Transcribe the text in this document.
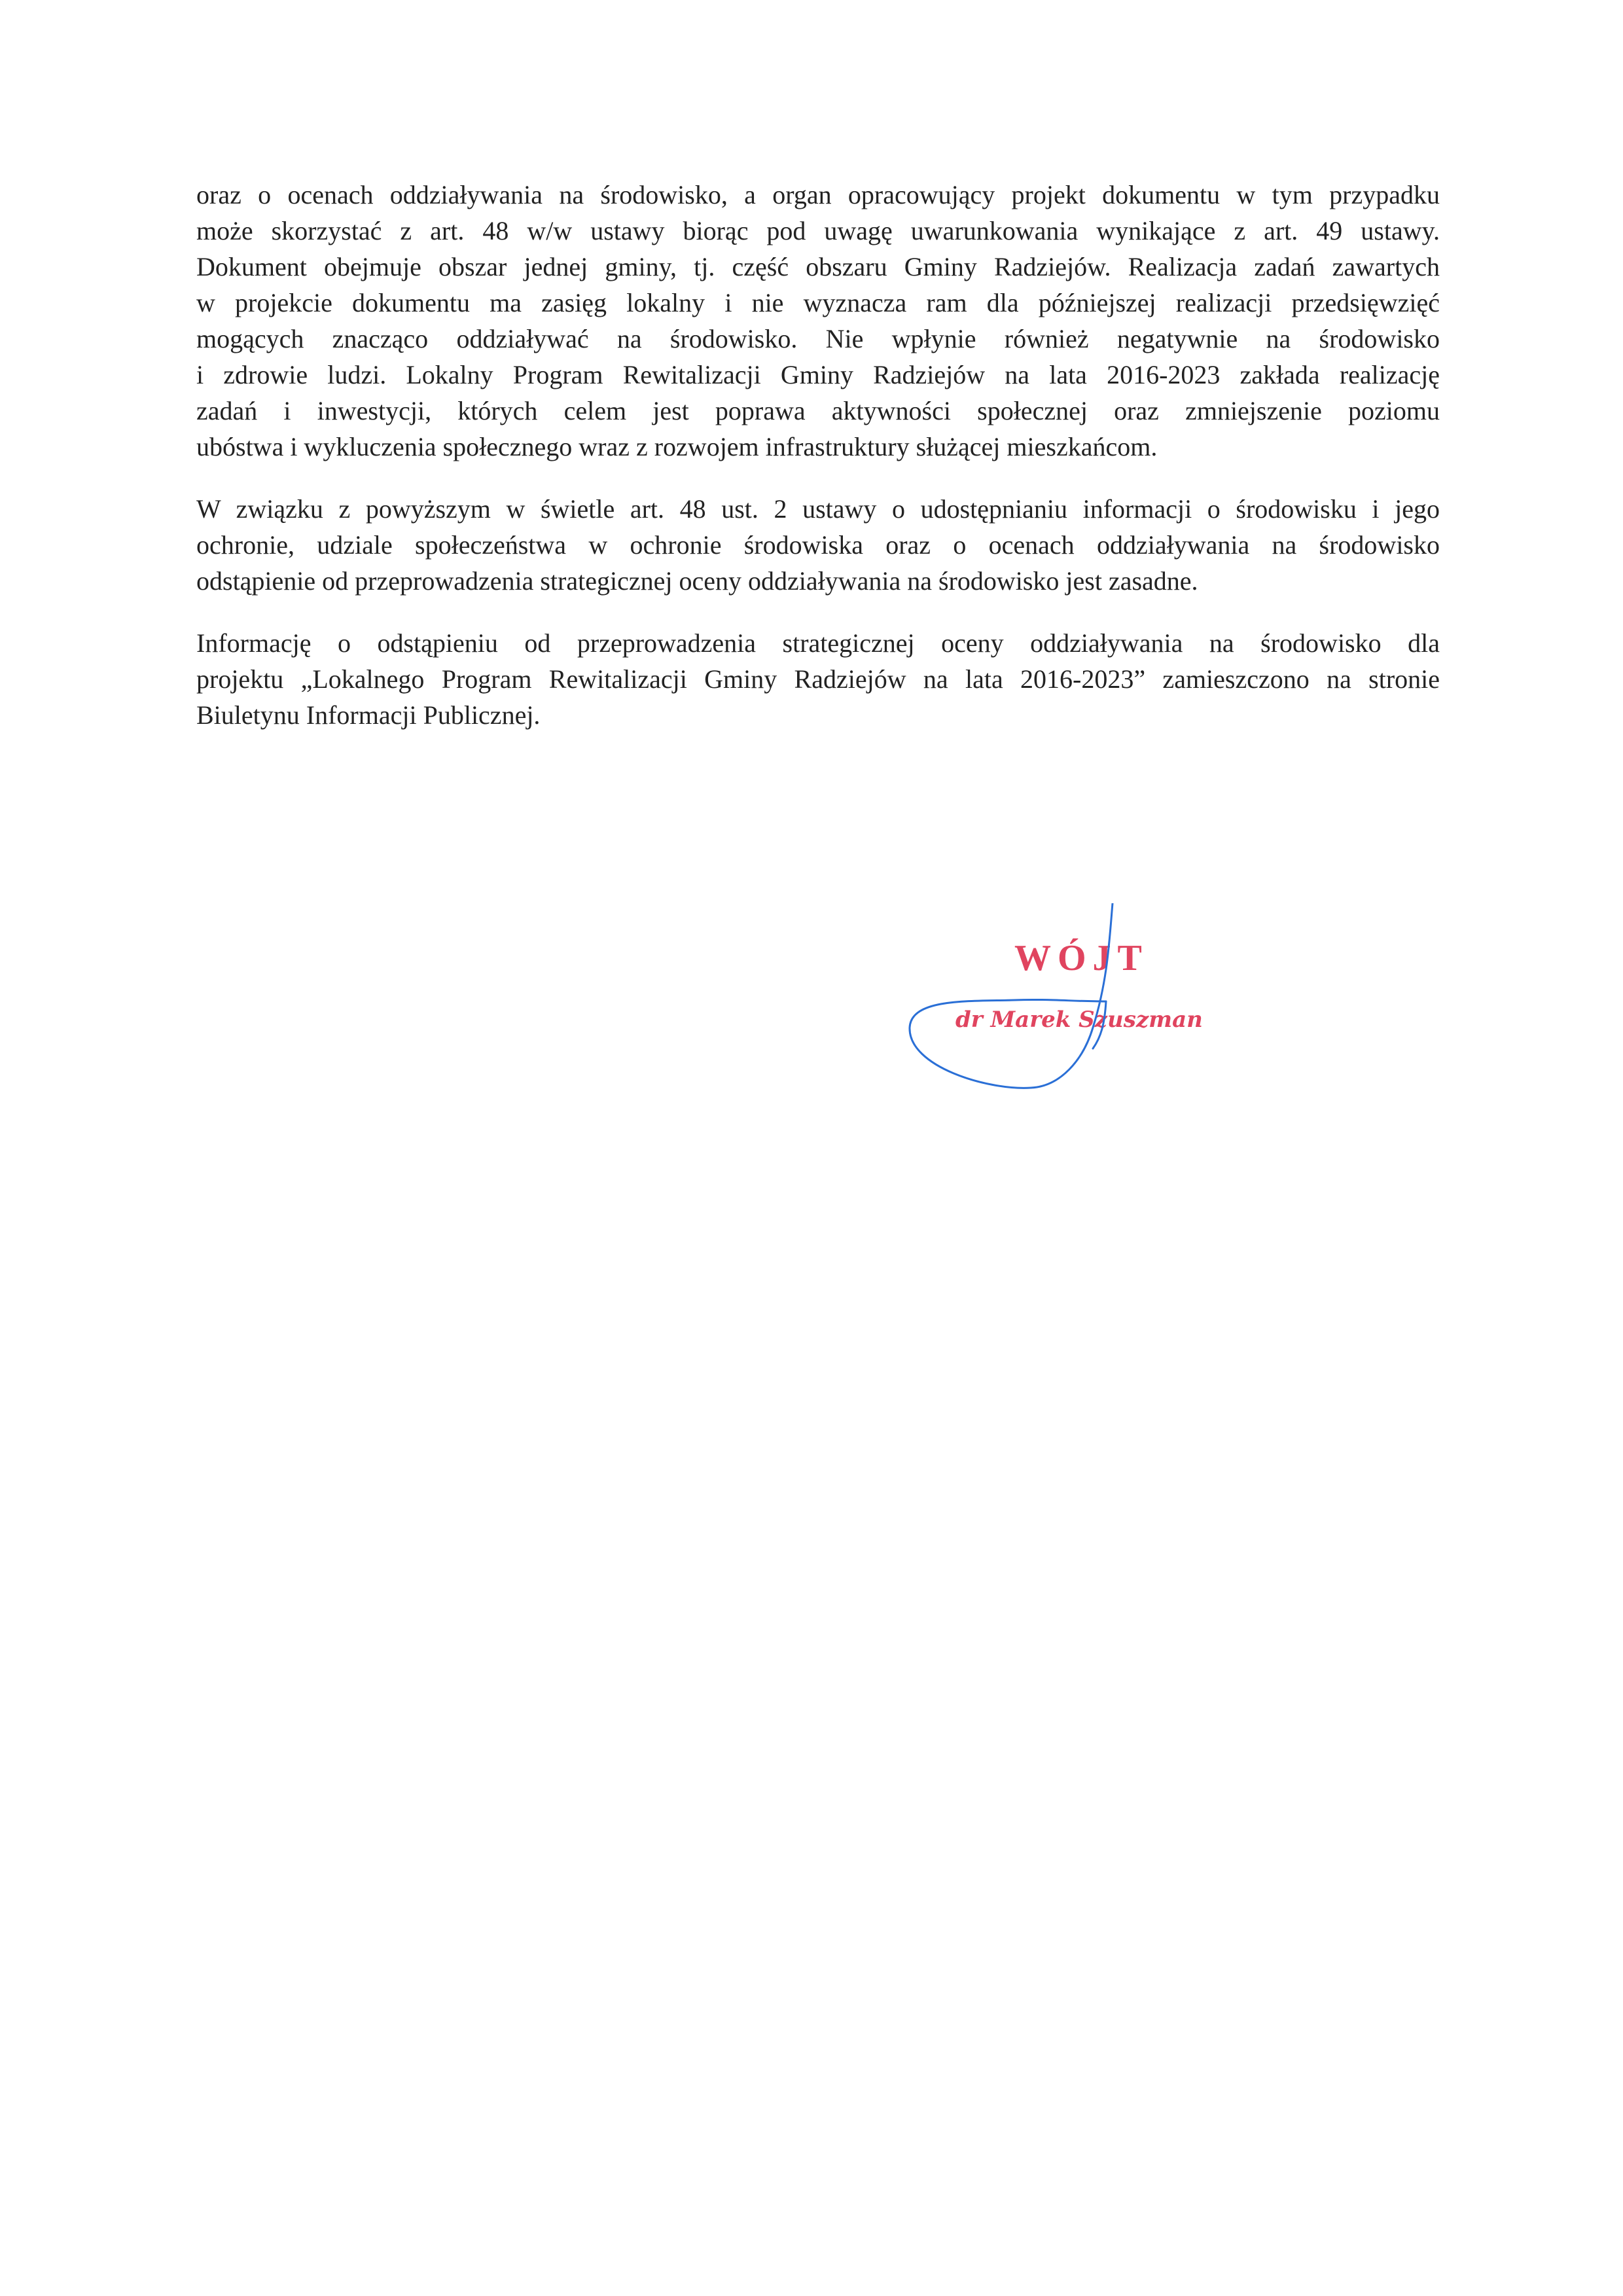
oraz o ocenach oddziaływania na środowisko, a organ opracowujący projekt dokumentu w tym przypadku
może skorzystać z art. 48 w/w ustawy biorąc pod uwagę uwarunkowania wynikające z art. 49 ustawy.
Dokument obejmuje obszar jednej gminy, tj. część obszaru Gminy Radziejów. Realizacja zadań zawartych
w projekcie dokumentu ma zasięg lokalny i nie wyznacza ram dla późniejszej realizacji przedsięwzięć
mogących znacząco oddziaływać na środowisko. Nie wpłynie również negatywnie na środowisko
i zdrowie ludzi. Lokalny Program Rewitalizacji Gminy Radziejów na lata 2016-2023 zakłada realizację
zadań i inwestycji, których celem jest poprawa aktywności społecznej oraz zmniejszenie poziomu
ubóstwa i wykluczenia społecznego wraz z rozwojem infrastruktury służącej mieszkańcom.

W związku z powyższym w świetle art. 48 ust. 2 ustawy o udostępnianiu informacji o środowisku i jego
ochronie, udziale społeczeństwa w ochronie środowiska oraz o ocenach oddziaływania na środowisko
odstąpienie od przeprowadzenia strategicznej oceny oddziaływania na środowisko jest zasadne.

Informację o odstąpieniu od przeprowadzenia strategicznej oceny oddziaływania na środowisko dla
projektu „Lokalnego Program Rewitalizacji Gminy Radziejów na lata 2016-2023” zamieszczono na stronie
Biuletynu Informacji Publicznej.

WÓJT
dr Marek Szuszman
